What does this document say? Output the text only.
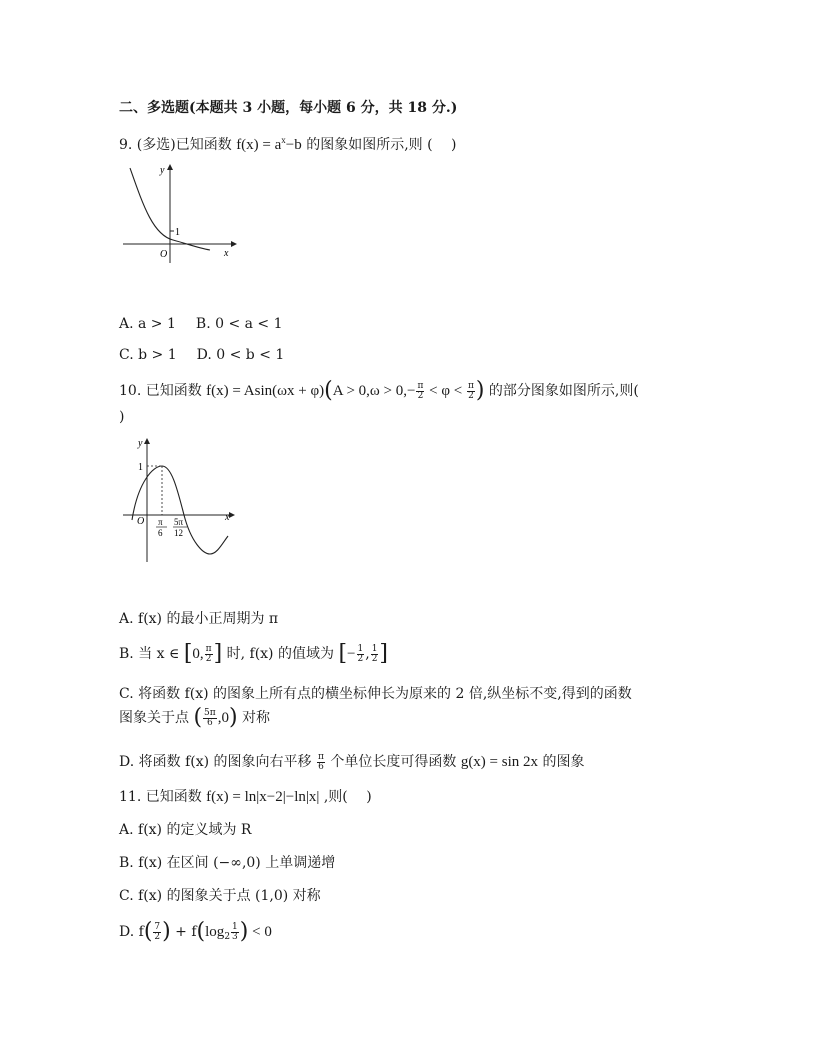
二、多选题(本题共 3 小题，每小题 6 分，共 18 分.)
9. (多选)已知函数 $f(x) = a^x-b$ 的图象如图所示,则 (　 )
y
x
O
1
A. a > 1 B. 0 < a < 1
C. b > 1 D. 0 < b < 1
10. 已知函数 $f(x) = Asin(\omega x + \varphi)(A > 0,\omega > 0,- \frac{\pi}{2} < \varphi < \frac{\pi}{2}$ ) 的部分图象如图所示,则(
)
y
x
O
1
π
6
5π
12
A. f(x) 的最小正周期为 π
B. 当 x ∈ [0, $\frac{\pi}{2}$ ] 时, f(x) 的值域为 [− $\frac{1}{2}$ , $\frac{1}{2}$ ]
C. 将函数 f(x) 的图象上所有点的横坐标伸长为原来的 2 倍,纵坐标不变,得到的函数
图象关于点 ( $\frac{5\pi}{6} ,0$) 对称
D. 将函数 f(x) 的图象向右平移 $\frac{\pi}{6}$ 个单位长度可得函数 g(x) = sin 2x 的图象
11. 已知函数 f(x) = ln|x−2|−ln|x| ,则(　 )
A. f(x) 的定义域为 R
B. f(x) 在区间 (−∞,0) 上单调递增
C. f(x) 的图象关于点 (1,0) 对称
D. $f( \frac{7}{2}$ ) + $f(\log_2 \frac{1}{3}$ ) < 0
